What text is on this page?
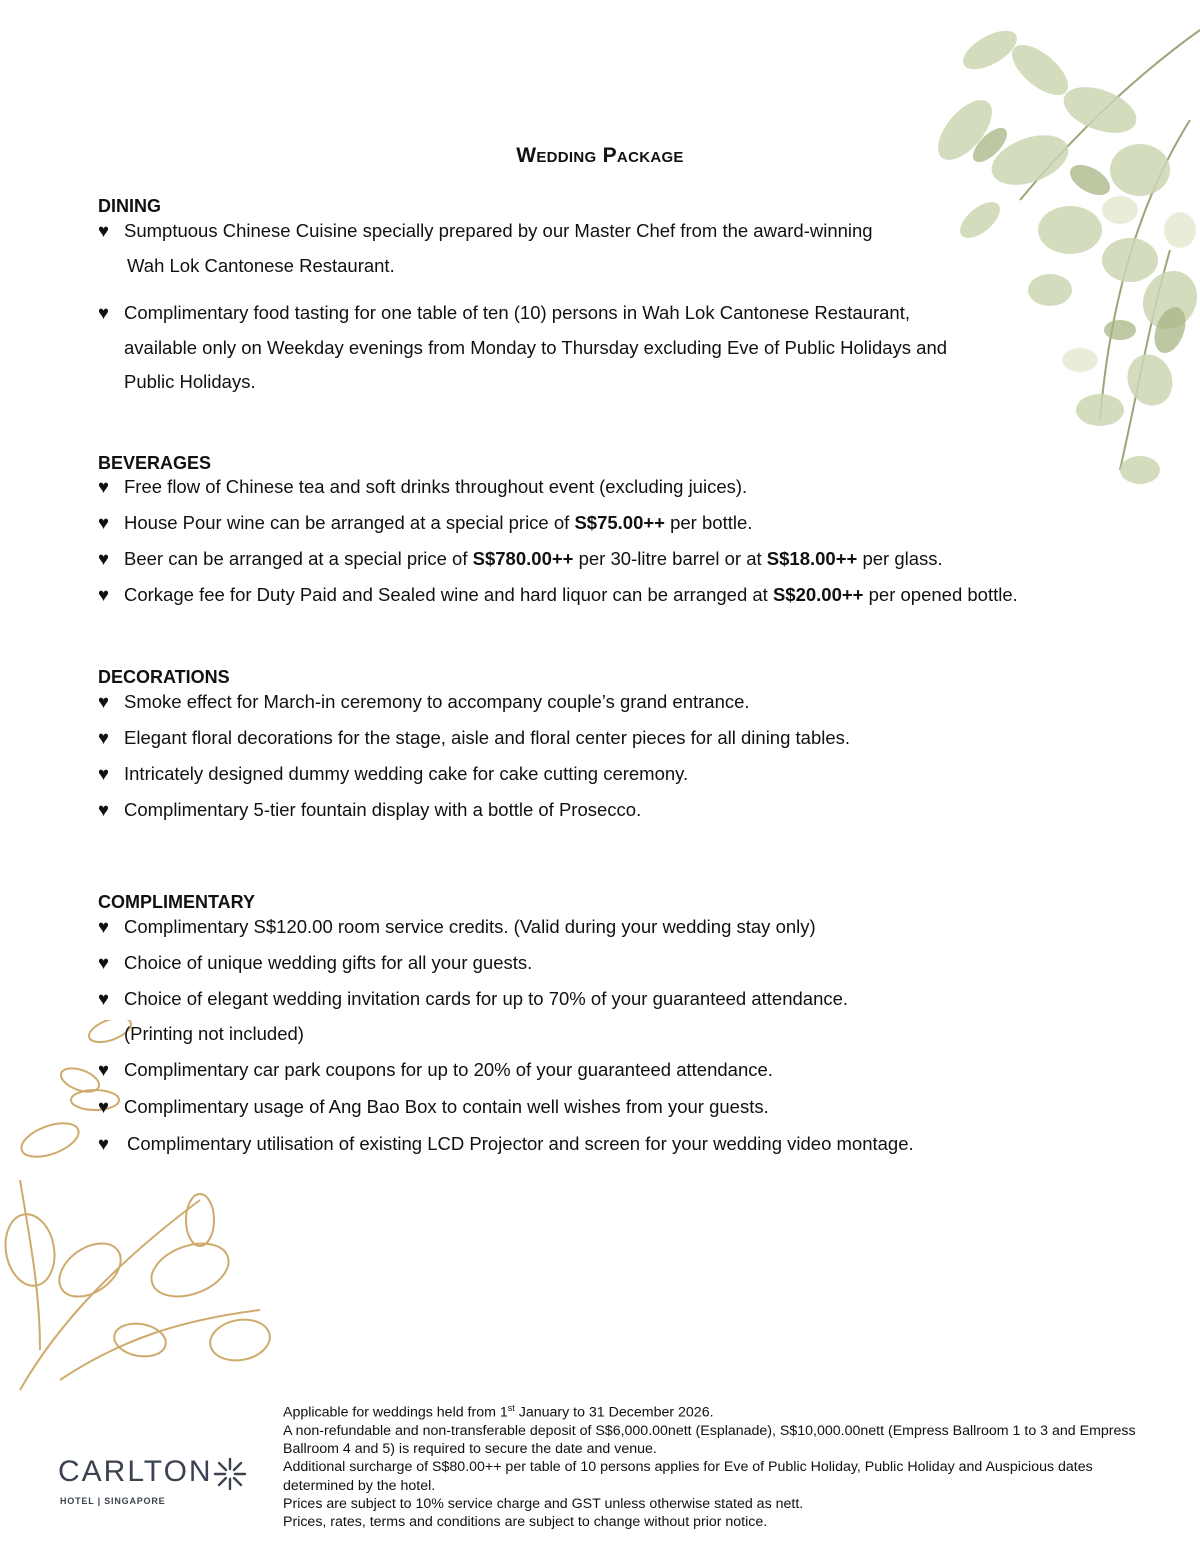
Wedding Package
DINING
♥ Sumptuous Chinese Cuisine specially prepared by our Master Chef from the award-winning
Wah Lok Cantonese Restaurant.
♥ Complimentary food tasting for one table of ten (10) persons in Wah Lok Cantonese Restaurant,
available only on Weekday evenings from Monday to Thursday excluding Eve of Public Holidays and
Public Holidays.
BEVERAGES
♥ Free flow of Chinese tea and soft drinks throughout event (excluding juices).
♥ House Pour wine can be arranged at a special price of S$75.00++ per bottle.
♥ Beer can be arranged at a special price of S$780.00++ per 30-litre barrel or at S$18.00++ per glass.
♥ Corkage fee for Duty Paid and Sealed wine and hard liquor can be arranged at S$20.00++ per opened bottle.
DECORATIONS
♥ Smoke effect for March-in ceremony to accompany couple’s grand entrance.
♥ Elegant floral decorations for the stage, aisle and floral center pieces for all dining tables.
♥ Intricately designed dummy wedding cake for cake cutting ceremony.
♥ Complimentary 5-tier fountain display with a bottle of Prosecco.
COMPLIMENTARY
♥ Complimentary S$120.00 room service credits. (Valid during your wedding stay only)
♥ Choice of unique wedding gifts for all your guests.
♥ Choice of elegant wedding invitation cards for up to 70% of your guaranteed attendance.
(Printing not included)
♥ Complimentary car park coupons for up to 20% of your guaranteed attendance.
♥ Complimentary usage of Ang Bao Box to contain well wishes from your guests.
♥ Complimentary utilisation of existing LCD Projector and screen for your wedding video montage.

Applicable for weddings held from 1st January to 31 December 2026.

A non-refundable and non-transferable deposit of S$6,000.00nett (Esplanade), S$10,000.00nett (Empress Ballroom 1 to 3 and Empress Ballroom 4 and 5) is required to secure the date and venue.

Additional surcharge of S$80.00++ per table of 10 persons applies for Eve of Public Holiday, Public Holiday and Auspicious dates determined by the hotel.

Prices are subject to 10% service charge and GST unless otherwise stated as nett.

Prices, rates, terms and conditions are subject to change without prior notice.

CARLTON
HOTEL | SINGAPORE
